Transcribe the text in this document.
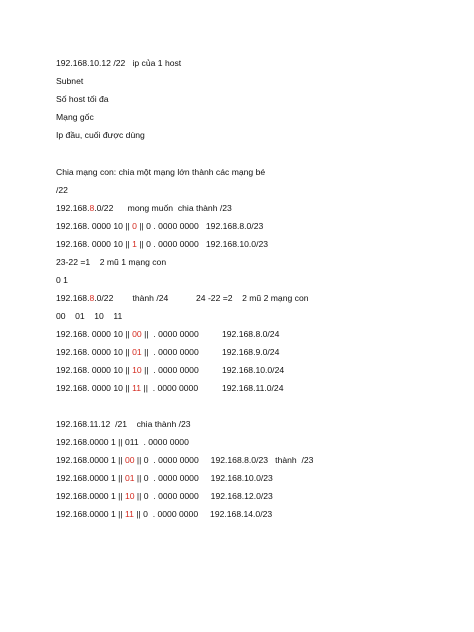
192.168.10.12 /22   ip của 1 host
Subnet
Số host tối đa
Mạng gốc
Ip đầu, cuối được dùng
Chia mạng con: chia một mạng lớn thành các mạng bé
/22
192.168.8.0/22      mong muốn  chia thành /23
192.168. 0000 10 || 0 || 0 . 0000 0000   192.168.8.0/23
192.168. 0000 10 || 1 || 0 . 0000 0000   192.168.10.0/23
23-22 =1    2 mũ 1 mạng con
0 1
192.168.8.0/22        thành /24	24 -22 =2    2 mũ 2 mạng con
00    01    10    11
192.168. 0000 10 || 00 ||  . 0000 0000	192.168.8.0/24
192.168. 0000 10 || 01 ||  . 0000 0000	192.168.9.0/24
192.168. 0000 10 || 10 ||  . 0000 0000	192.168.10.0/24
192.168. 0000 10 || 11 ||  . 0000 0000	192.168.11.0/24
192.168.11.12  /21    chia thành /23
192.168.0000 1 || 011  . 0000 0000
192.168.0000 1 || 00 || 0  . 0000 0000     192.168.8.0/23   thành  /23
192.168.0000 1 || 01 || 0  . 0000 0000     192.168.10.0/23
192.168.0000 1 || 10 || 0  . 0000 0000     192.168.12.0/23
192.168.0000 1 || 11 || 0  . 0000 0000     192.168.14.0/23
